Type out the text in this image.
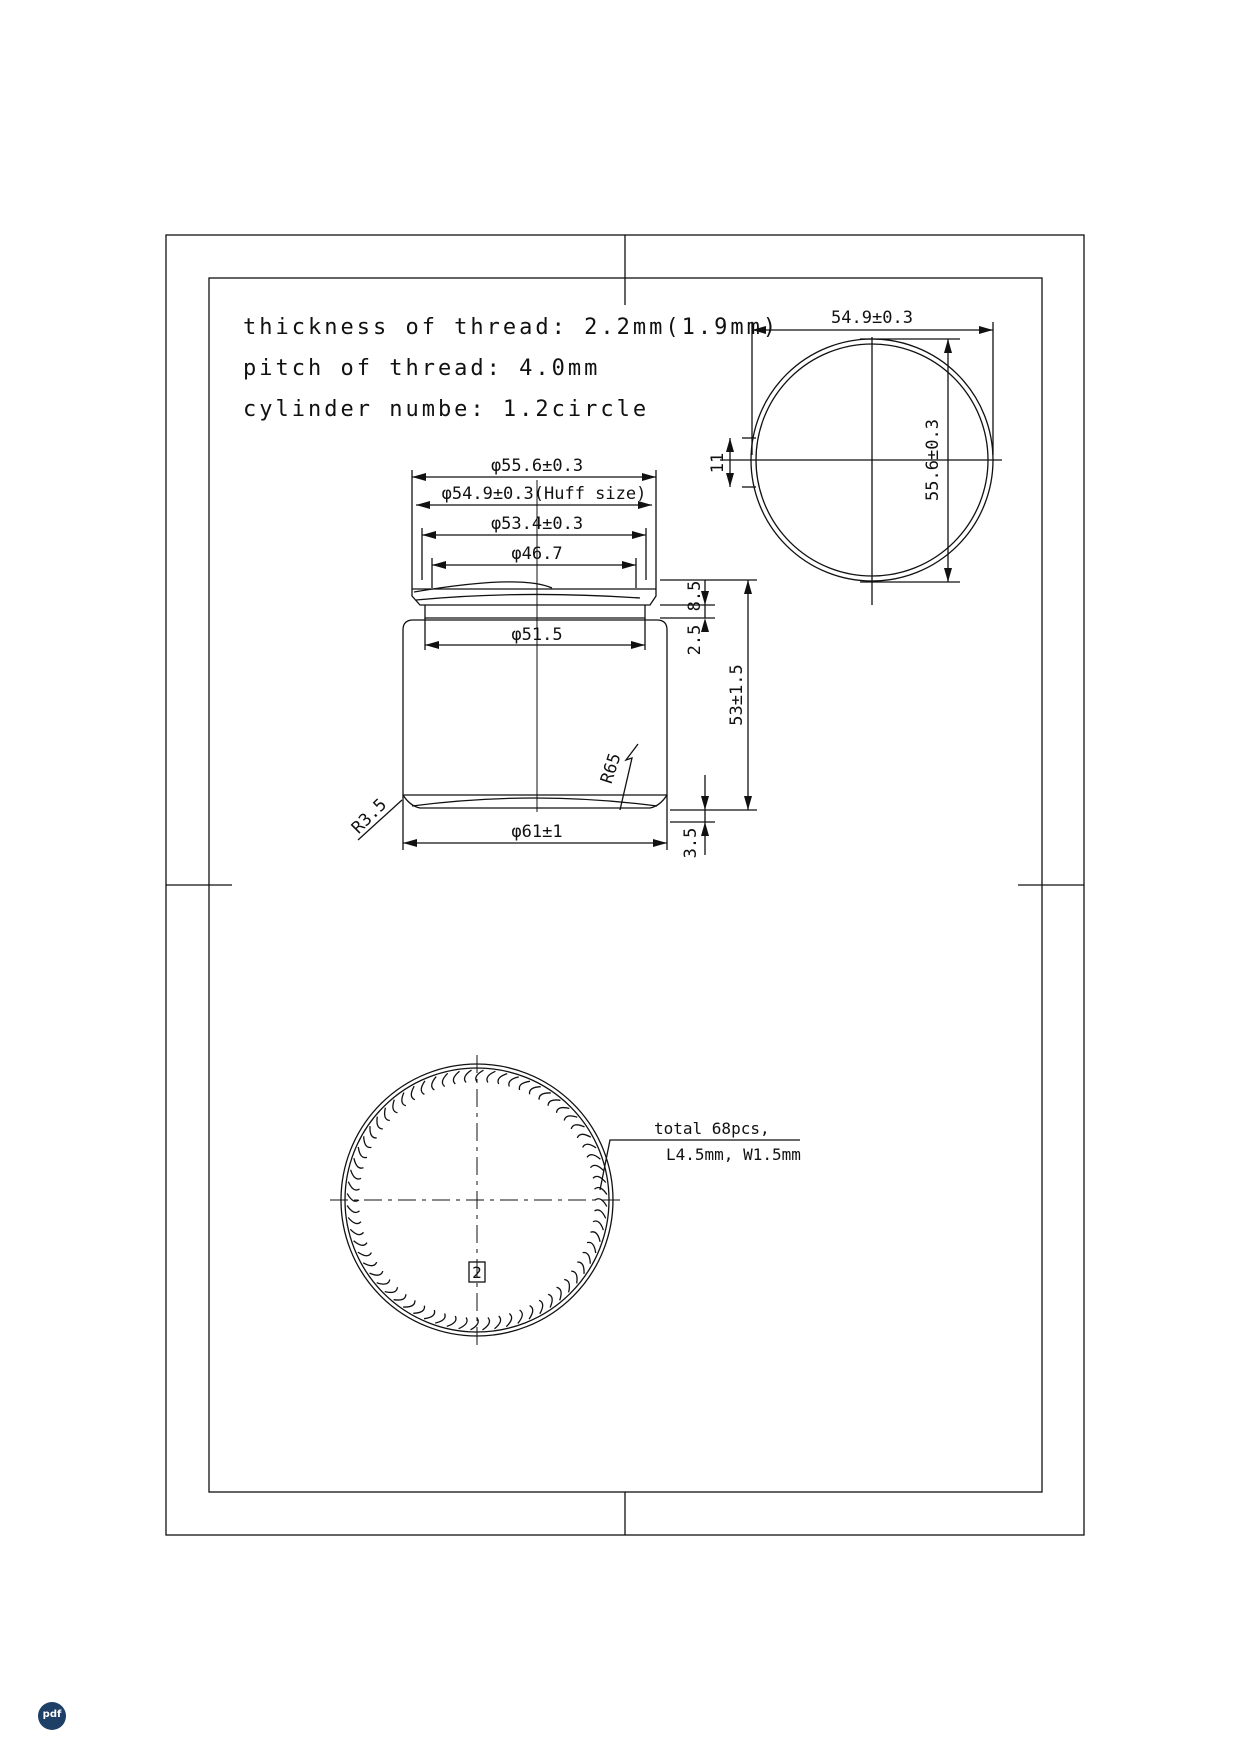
54.9±0.3
55.6±0.3
11
φ55.6±0.3
φ54.9±0.3(Huff size)
φ53.4±0.3
φ46.7
φ51.5
φ61±1
8.5
2.5
53±1.5
3.5
R3.5
R65
2
total 68pcs,
L4.5mm, W1.5mm
thickness of thread: 2.2mm(1.9mm)
pitch of thread: 4.0mm
cylinder numbe: 1.2circle
pdf
